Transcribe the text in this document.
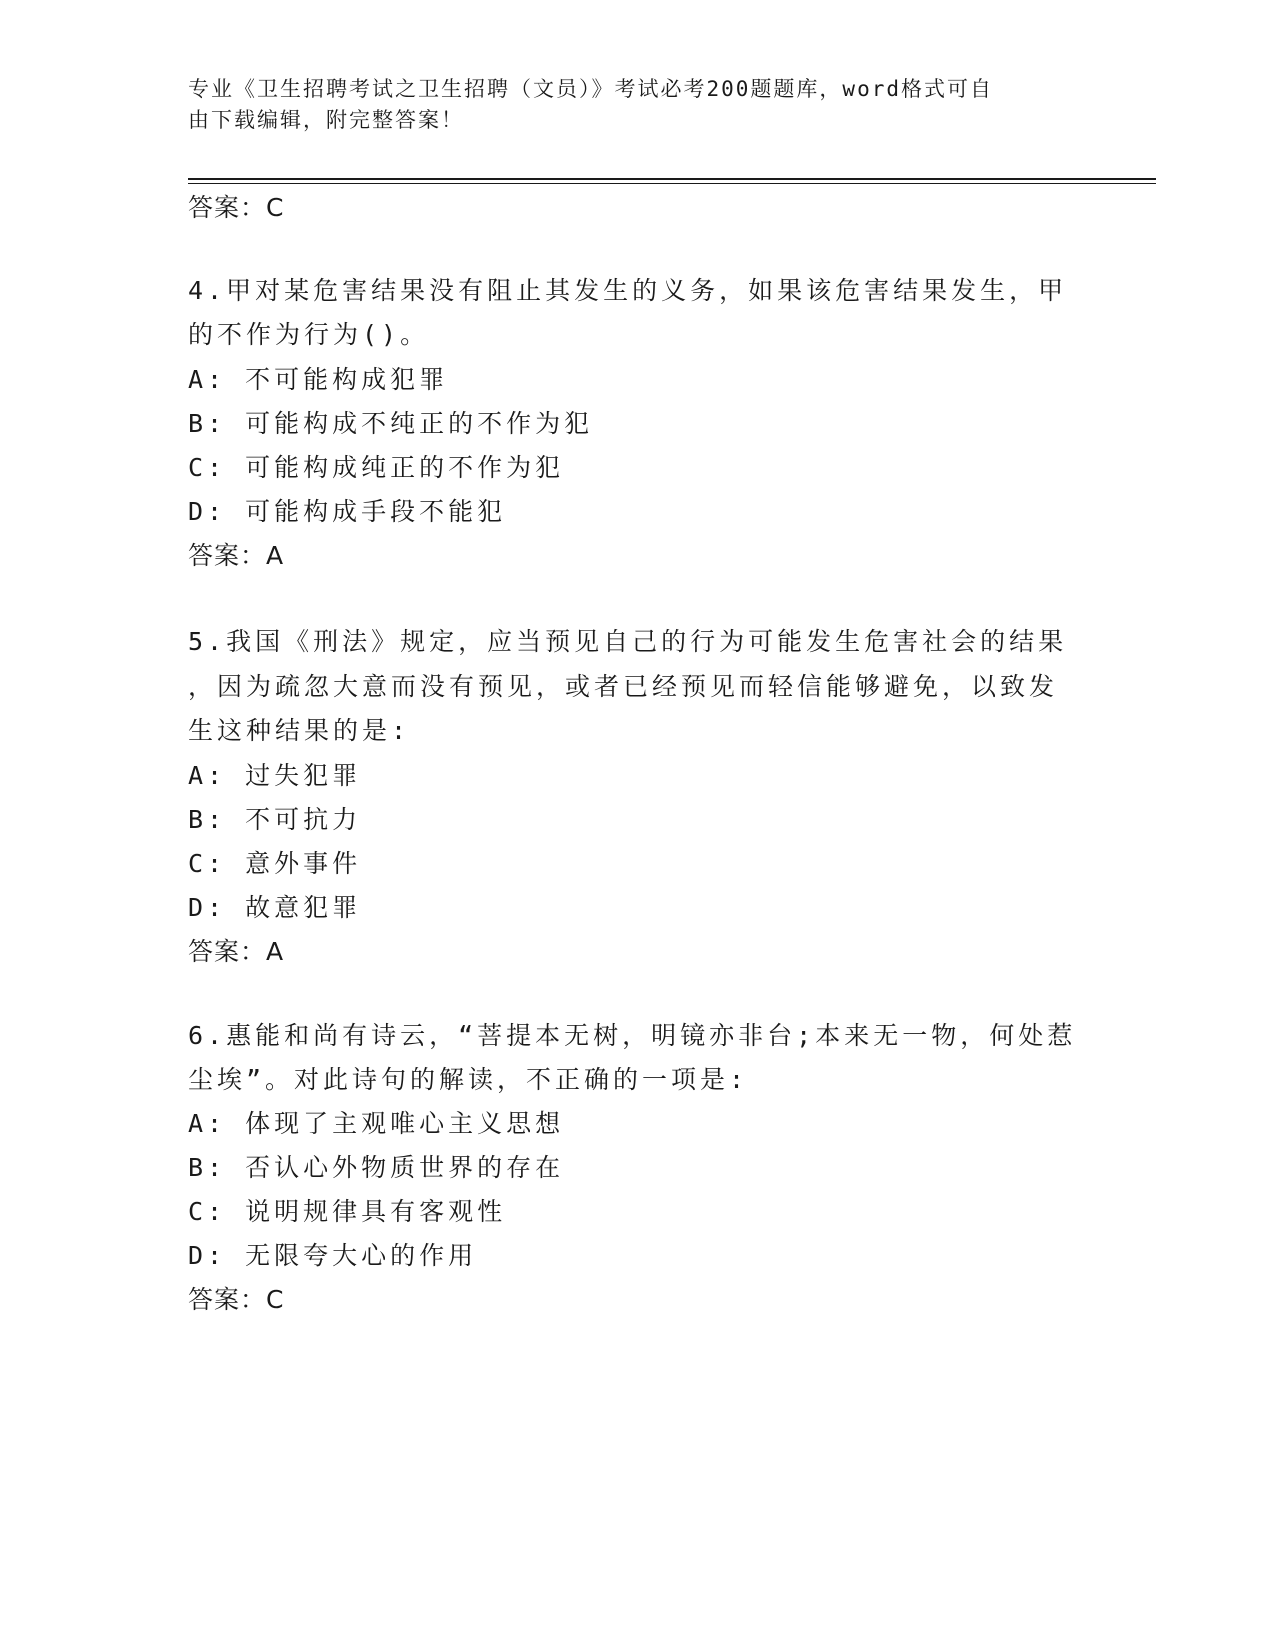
专业《卫生招聘考试之卫生招聘（文员）》考试必考200题题库，word格式可自
由下载编辑，附完整答案！
答案：C
4.甲对某危害结果没有阻止其发生的义务，如果该危害结果发生，甲
的不作为行为()。
A: 不可能构成犯罪
B: 可能构成不纯正的不作为犯
C: 可能构成纯正的不作为犯
D: 可能构成手段不能犯
答案：A
5.我国《刑法》规定，应当预见自己的行为可能发生危害社会的结果
，因为疏忽大意而没有预见，或者已经预见而轻信能够避免，以致发
生这种结果的是:
A: 过失犯罪
B: 不可抗力
C: 意外事件
D: 故意犯罪
答案：A
6.惠能和尚有诗云，“菩提本无树，明镜亦非台;本来无一物，何处惹
尘埃”。对此诗句的解读，不正确的一项是:
A: 体现了主观唯心主义思想
B: 否认心外物质世界的存在
C: 说明规律具有客观性
D: 无限夸大心的作用
答案：C
